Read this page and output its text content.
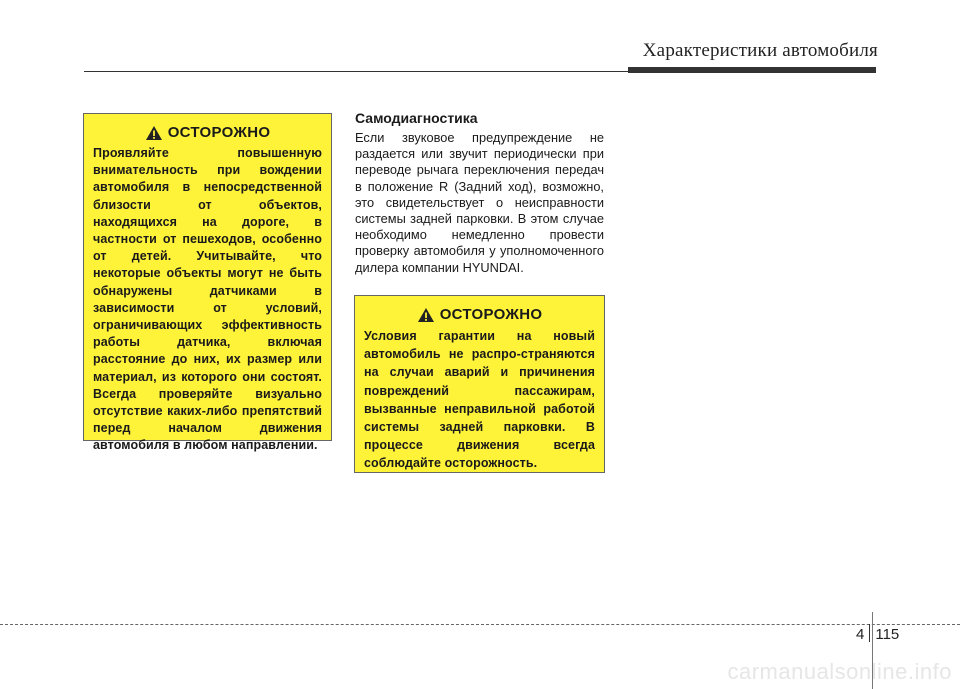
Характеристики автомобиля
ОСТОРОЖНО
Проявляйте повышенную внимательность при вождении автомобиля в непосредственной близости от объектов, находящихся на дороге, в частности от пешеходов, особенно от детей. Учитывайте, что некоторые объекты могут не быть обнаружены датчиками в зависимости от условий, ограничивающих эффективность работы датчика, включая расстояние до них, их размер или материал, из которого они состоят. Всегда проверяйте визуально отсутствие каких-либо препятствий перед началом движения автомобиля в любом направлении.
Самодиагностика
Если звуковое предупреждение не раздается или звучит периодически при переводе рычага переключения передач в положение R (Задний ход), возможно, это свидетельствует о неисправности системы задней парковки. В этом случае необходимо немедленно провести проверку автомобиля у уполномоченного дилера компании HYUNDAI.
ОСТОРОЖНО
Условия гарантии на новый автомобиль не распро-страняются на случаи аварий и причинения повреждений пассажирам, вызванные неправильной работой системы задней парковки. В процессе движения всегда соблюдайте осторожность.
4 115
carmanualsonline.info
